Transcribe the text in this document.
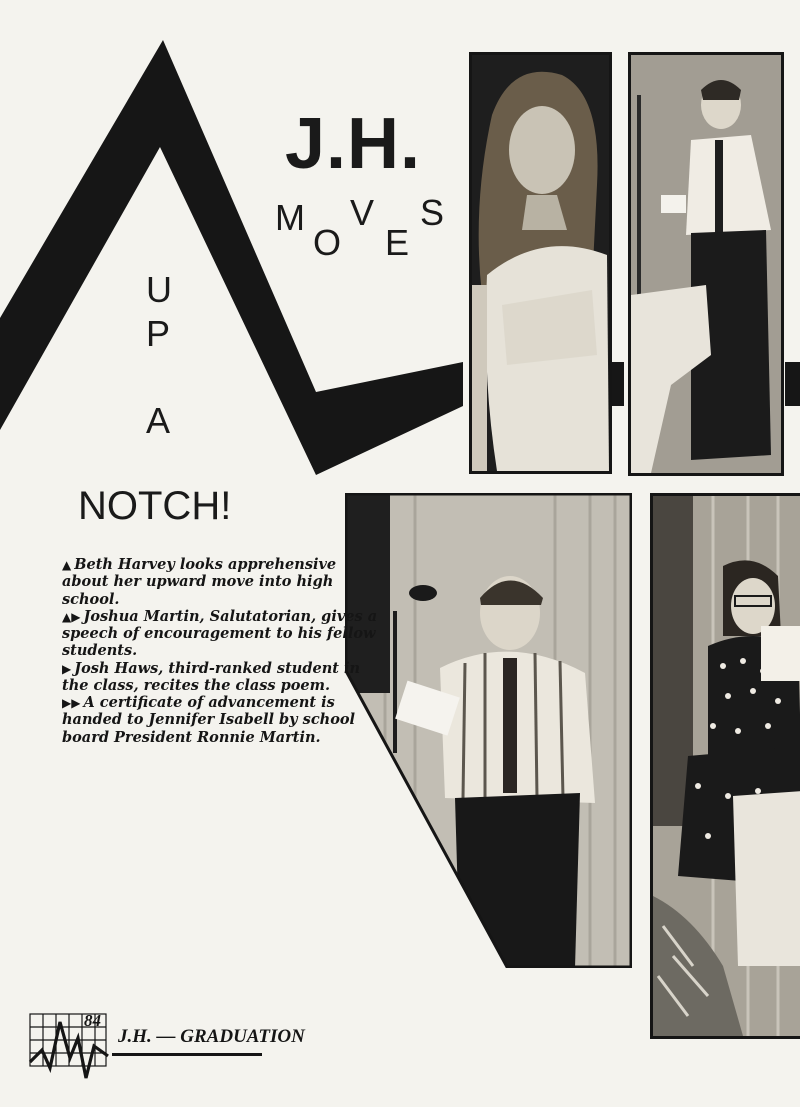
J.H.
M
O
V
E
S
U
P
A
NOTCH!

▲ Beth Harvey looks apprehensive about her upward move into high school.

▲▶ Joshua Martin, Salutatorian, gives a speech of encouragement to his fellow students.

▶ Josh Haws, third-ranked student in the class, recites the class poem.

▶▶ A certificate of advancement is handed to Jennifer Isabell by school board President Ronnie Martin.

84
J.H. — GRADUATION
